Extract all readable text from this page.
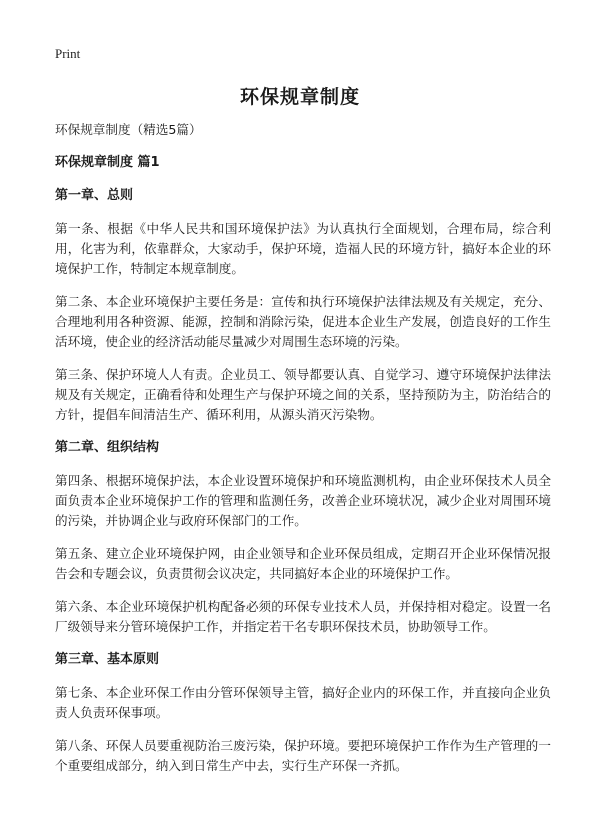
Print
环保规章制度

环保规章制度（精选5篇）

环保规章制度 篇1

第一章、总则

第一条、根据《中华人民共和国环境保护法》为认真执行全面规划，合理布局，综合利用，化害为利，依靠群众，大家动手，保护环境，造福人民的环境方针，搞好本企业的环境保护工作，特制定本规章制度。

第二条、本企业环境保护主要任务是：宣传和执行环境保护法律法规及有关规定，充分、合理地利用各种资源、能源，控制和消除污染，促进本企业生产发展，创造良好的工作生活环境，使企业的经济活动能尽量减少对周围生态环境的污染。

第三条、保护环境人人有责。企业员工、领导都要认真、自觉学习、遵守环境保护法律法规及有关规定，正确看待和处理生产与保护环境之间的关系，坚持预防为主，防治结合的方针，提倡车间清洁生产、循环利用，从源头消灭污染物。

第二章、组织结构

第四条、根据环境保护法，本企业设置环境保护和环境监测机构，由企业环保技术人员全面负责本企业环境保护工作的管理和监测任务，改善企业环境状况，减少企业对周围环境的污染，并协调企业与政府环保部门的工作。

第五条、建立企业环境保护网，由企业领导和企业环保员组成，定期召开企业环保情况报告会和专题会议，负责贯彻会议决定，共同搞好本企业的环境保护工作。

第六条、本企业环境保护机构配备必须的环保专业技术人员，并保持相对稳定。设置一名厂级领导来分管环境保护工作，并指定若干名专职环保技术员，协助领导工作。

第三章、基本原则

第七条、本企业环保工作由分管环保领导主管，搞好企业内的环保工作，并直接向企业负责人负责环保事项。

第八条、环保人员要重视防治三废污染，保护环境。要把环境保护工作作为生产管理的一个重要组成部分，纳入到日常生产中去，实行生产环保一齐抓。
